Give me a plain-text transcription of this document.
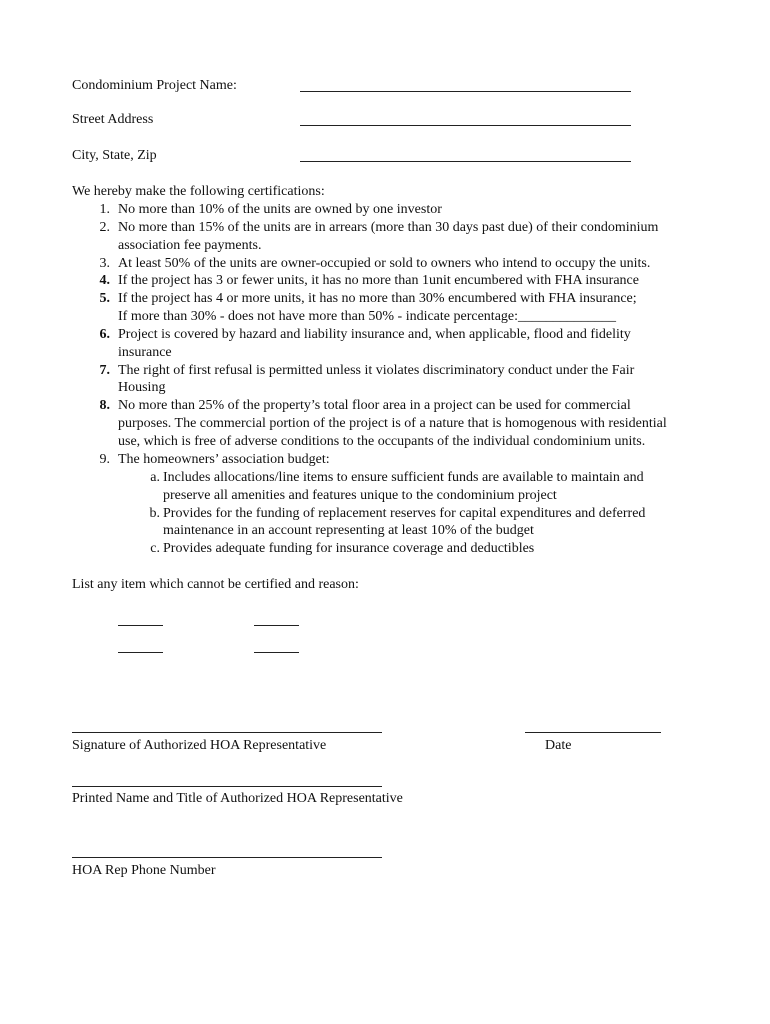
Condominium Project Name:
Street Address
City, State, Zip
We hereby make the following certifications:
1. No more than 10% of the units are owned by one investor
2. No more than 15% of the units are in arrears (more than 30 days past due) of their condominium
association fee payments.
3. At least 50% of the units are owner-occupied or sold to owners who intend to occupy the units.
4. If the project has 3 or fewer units, it has no more than 1unit encumbered with FHA insurance
5. If the project has 4 or more units, it has no more than 30% encumbered with FHA insurance;
If more than 30% - does not have more than 50% - indicate percentage:______________
6. Project is covered by hazard and liability insurance and, when applicable, flood and fidelity
insurance
7. The right of first refusal is permitted unless it violates discriminatory conduct under the Fair
Housing
8. No more than 25% of the property’s total floor area in a project can be used for commercial
purposes. The commercial portion of the project is of a nature that is homogenous with residential
use, which is free of adverse conditions to the occupants of the individual condominium units.
9. The homeowners’ association budget:
a. Includes allocations/line items to ensure sufficient funds are available to maintain and
preserve all amenities and features unique to the condominium project
b. Provides for the funding of replacement reserves for capital expenditures and deferred
maintenance in an account representing at least 10% of the budget
c. Provides adequate funding for insurance coverage and deductibles
List any item which cannot be certified and reason:
Signature of Authorized HOA Representative	Date
Printed Name and Title of Authorized HOA Representative
HOA Rep Phone Number
